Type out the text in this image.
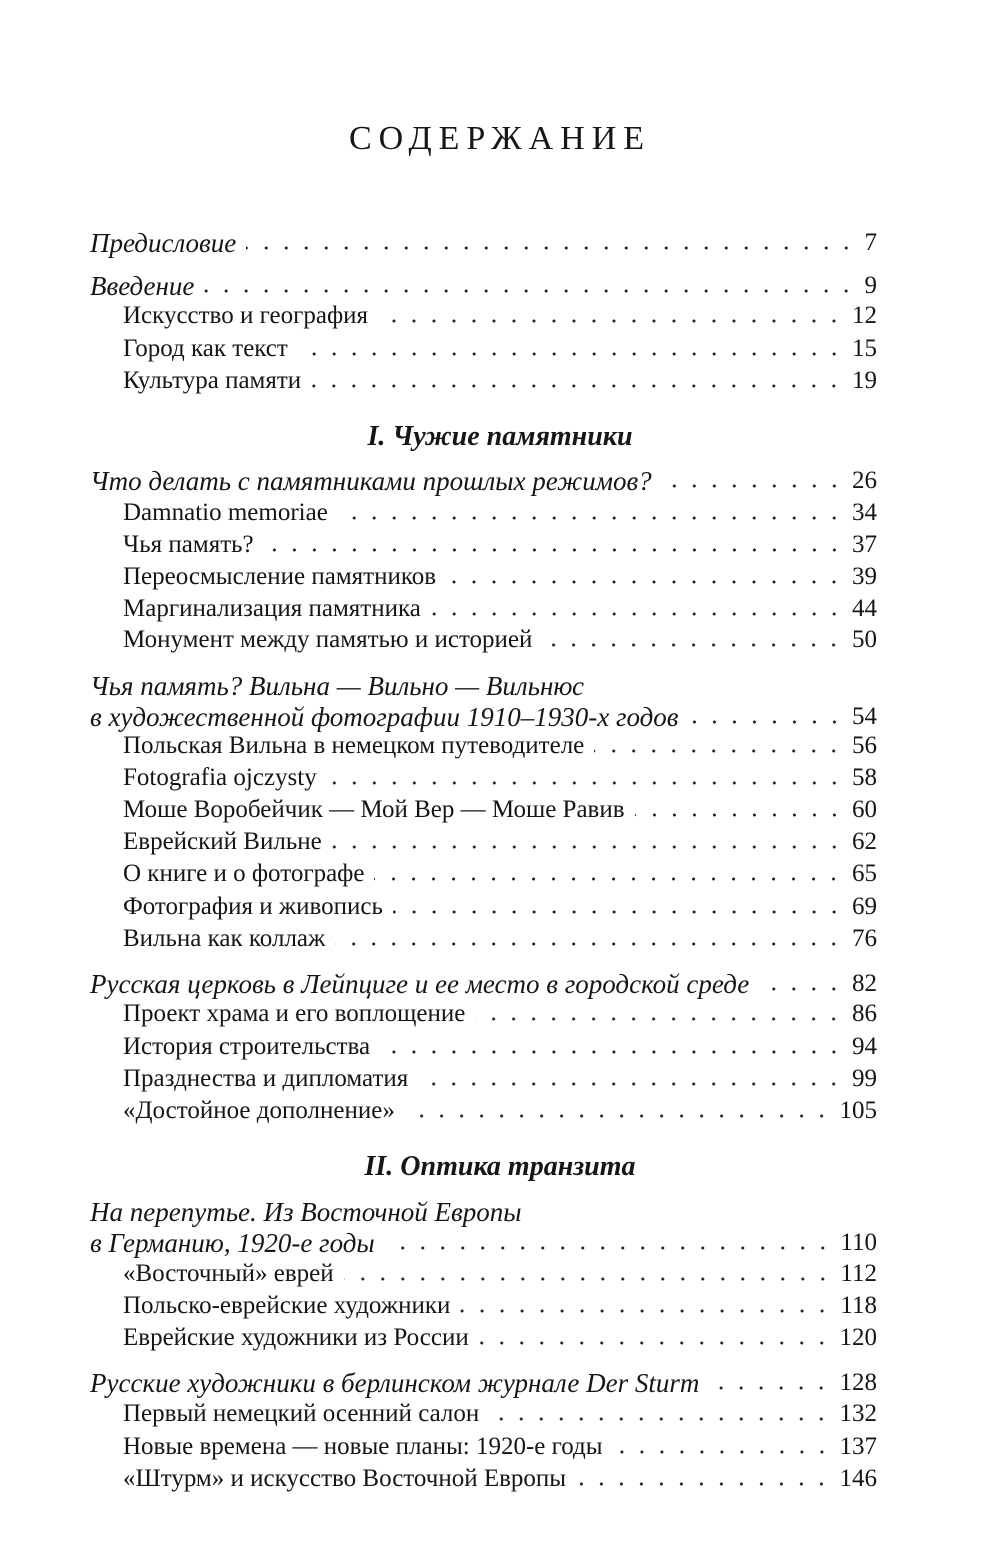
СОДЕРЖАНИЕ
Предисловие	7
Введение	9
Искусство и география	12
Город как текст	15
Культура памяти	19
I. Чужие памятники
Что делать с памятниками прошлых режимов?	26
Damnatio memoriae	34
Чья память?	37
Переосмысление памятников	39
Маргинализация памятника	44
Монумент между памятью и историей	50
Чья память? Вильна — Вильно — Вильнюс
в художественной фотографии 1910–1930-х годов	54
Польская Вильна в немецком путеводителе	56
Fotografia ojczysty	58
Моше Воробейчик — Мой Вер — Моше Равив	60
Еврейский Вильне	62
О книге и о фотографе	65
Фотография и живопись	69
Вильна как коллаж	76
Русская церковь в Лейпциге и ее место в городской среде	82
Проект храма и его воплощение	86
История строительства	94
Празднества и дипломатия	99
«Достойное дополнение»	105
II. Оптика транзита
На перепутье. Из Восточной Европы
в Германию, 1920-е годы	110
«Восточный» еврей	112
Польско-еврейские художники	118
Еврейские художники из России	120
Русские художники в берлинском журнале Der Sturm	128
Первый немецкий осенний салон	132
Новые времена — новые планы: 1920-е годы	137
«Штурм» и искусство Восточной Европы	146
